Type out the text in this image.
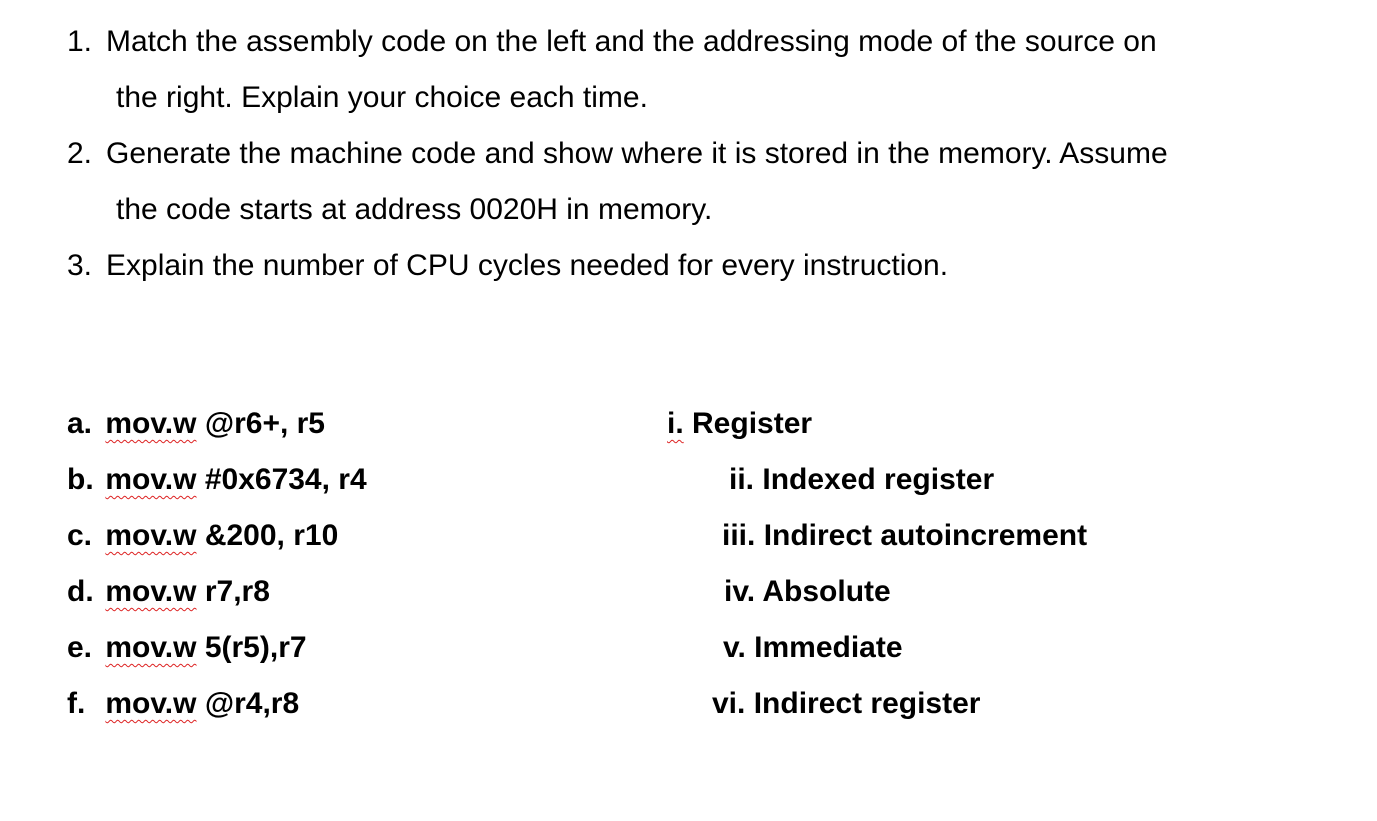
1. Match the assembly code on the left and the addressing mode of the source on
the right. Explain your choice each time.
2. Generate the machine code and show where it is stored in the memory. Assume
the code starts at address 0020H in memory.
3. Explain the number of CPU cycles needed for every instruction.
a. mov.w @r6+, r5
b. mov.w #0x6734, r4
c. mov.w &200, r10
d. mov.w r7,r8
e. mov.w 5(r5),r7
f. mov.w @r4,r8
i. Register
ii. Indexed register
iii. Indirect autoincrement
iv. Absolute
v. Immediate
vi. Indirect register
